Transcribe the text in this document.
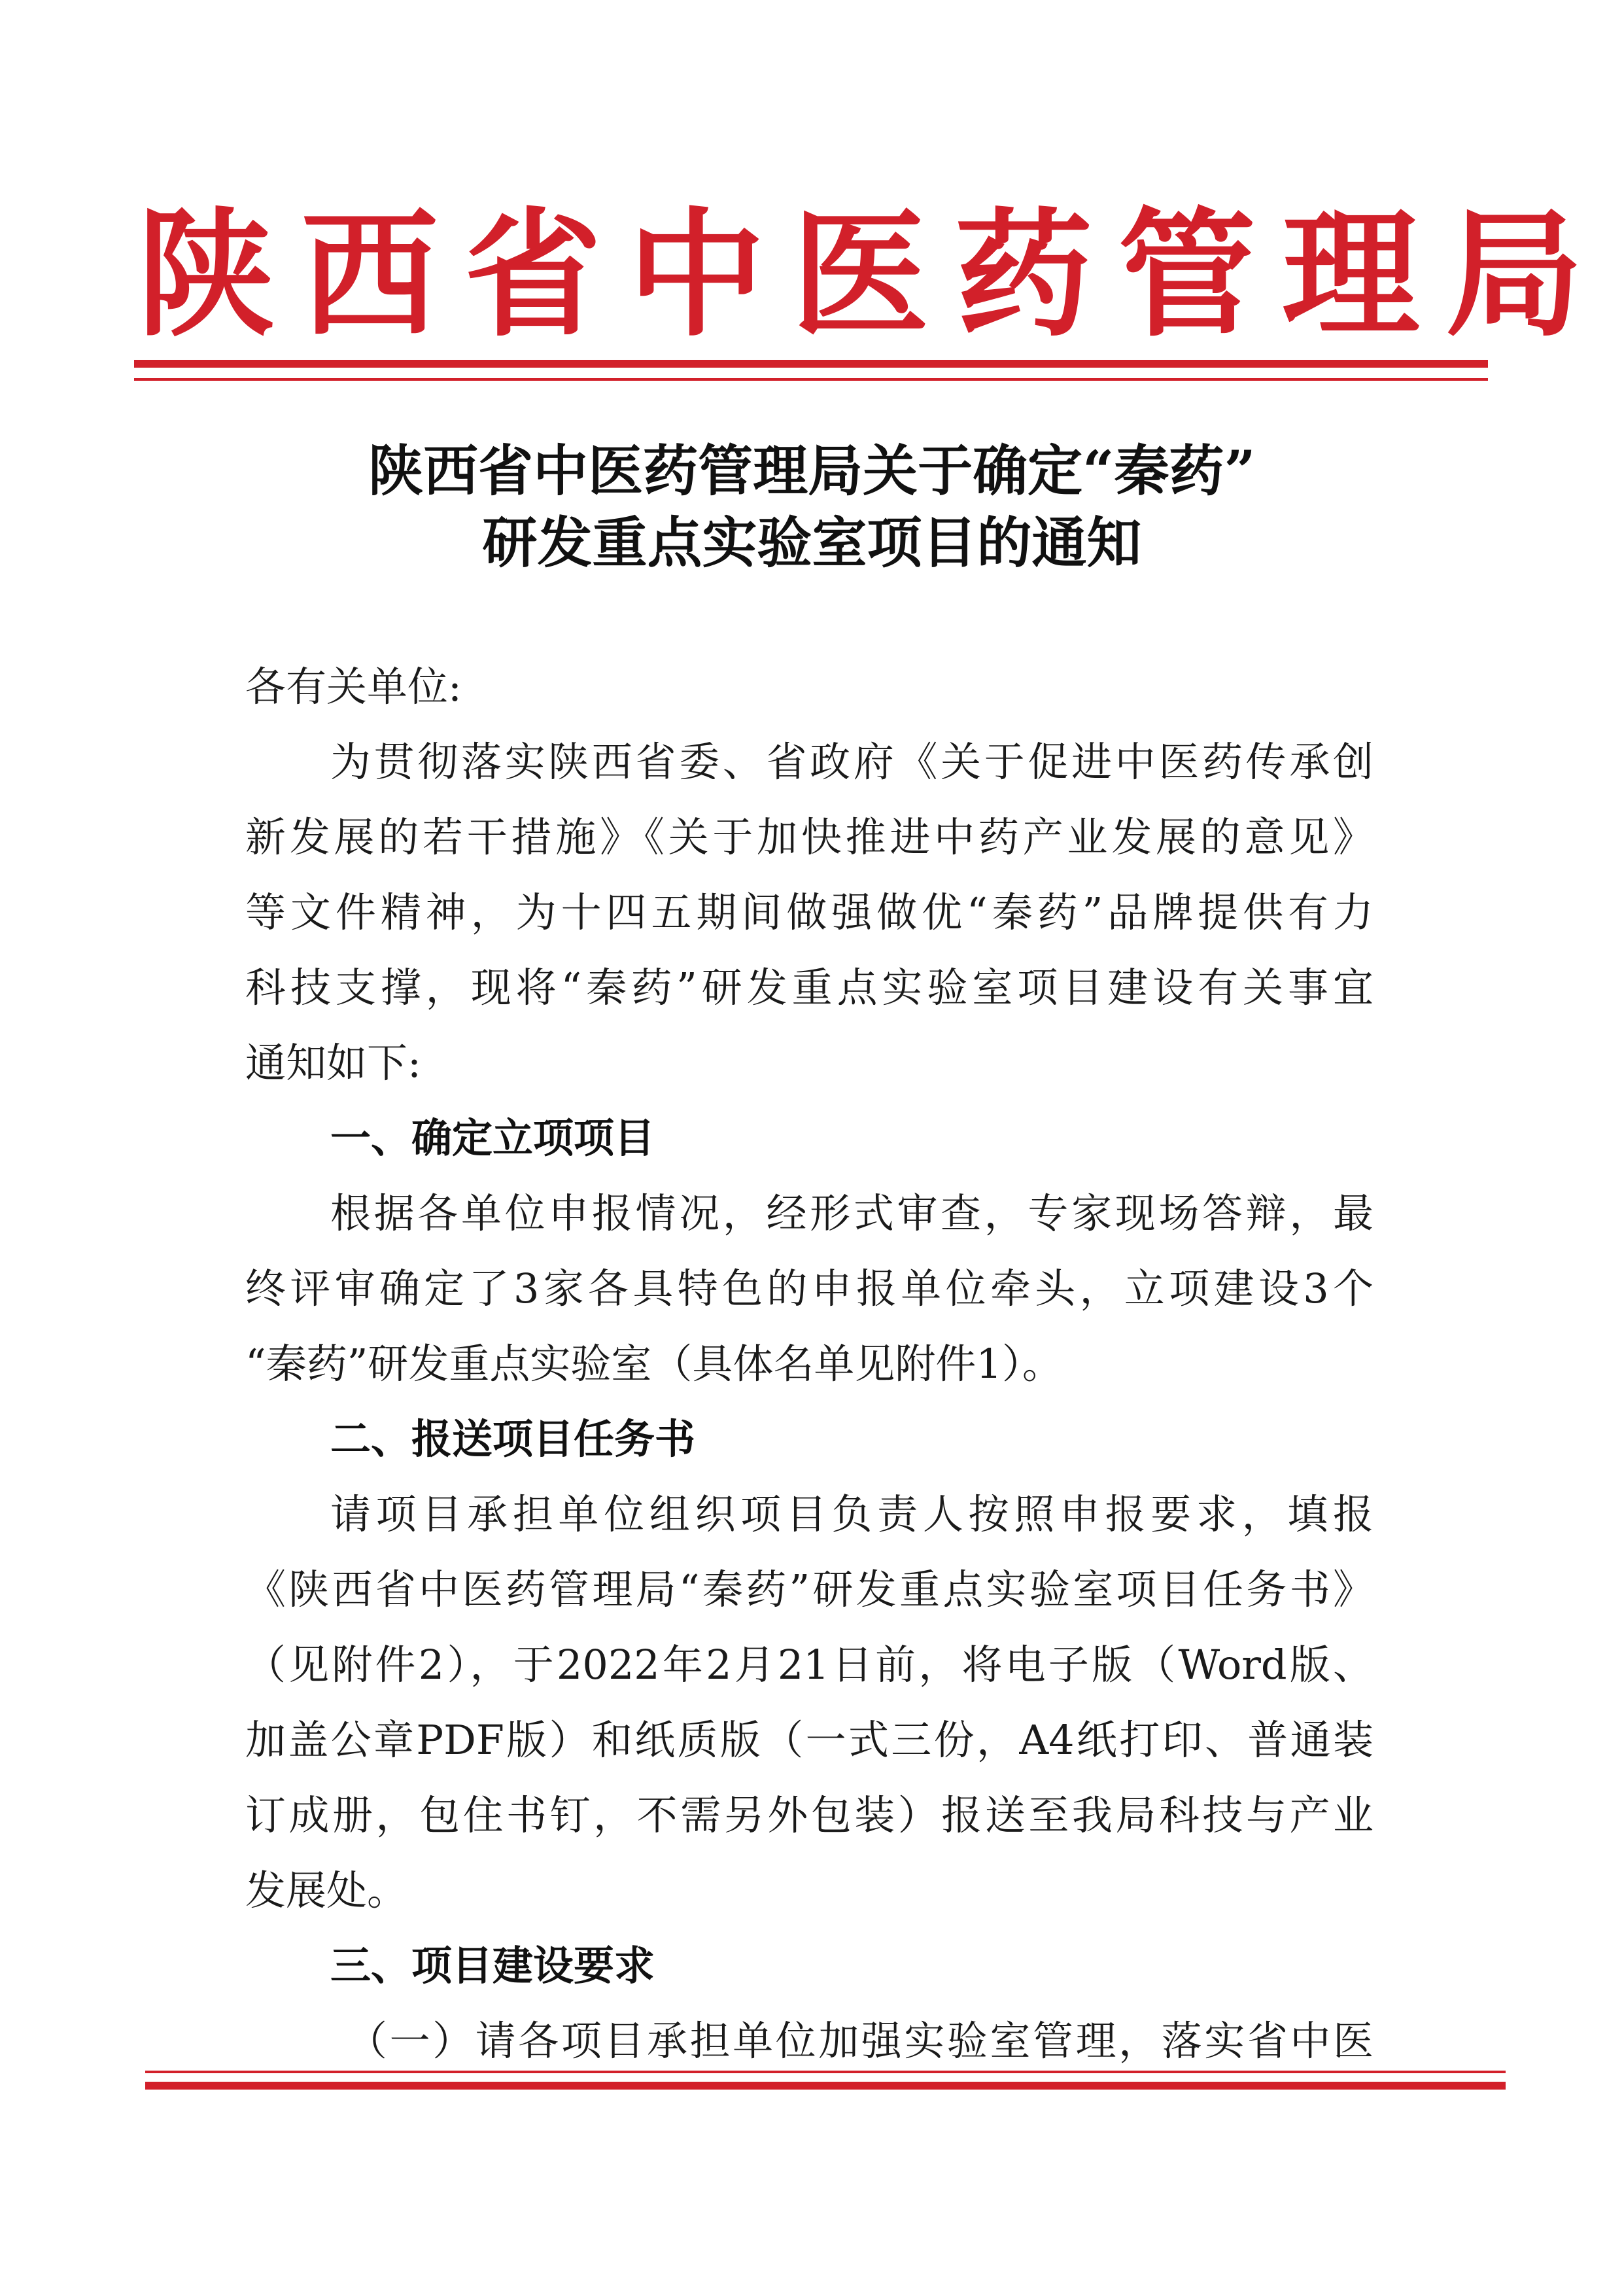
陕西省中医药管理局
陕西省中医药管理局关于确定“秦药”
研发重点实验室项目的通知
各有关单位:
为贯彻落实陕西省委、省政府《关于促进中医药传承创
新发展的若干措施》《关于加快推进中药产业发展的意见》
等文件精神，为十四五期间做强做优“秦药”品牌提供有力
科技支撑，现将“秦药”研发重点实验室项目建设有关事宜
通知如下:
一、确定立项项目
根据各单位申报情况，经形式审查，专家现场答辩，最
终评审确定了3家各具特色的申报单位牵头，立项建设3个
“秦药”研发重点实验室（具体名单见附件1）。
二、报送项目任务书
请项目承担单位组织项目负责人按照申报要求，填报
《陕西省中医药管理局“秦药”研发重点实验室项目任务书》
（见附件2），于2022年2月21日前，将电子版（Word版、
加盖公章PDF版）和纸质版（一式三份，A4纸打印、普通装
订成册，包住书钉，不需另外包装）报送至我局科技与产业
发展处。
三、项目建设要求
（一）请各项目承担单位加强实验室管理，落实省中医
